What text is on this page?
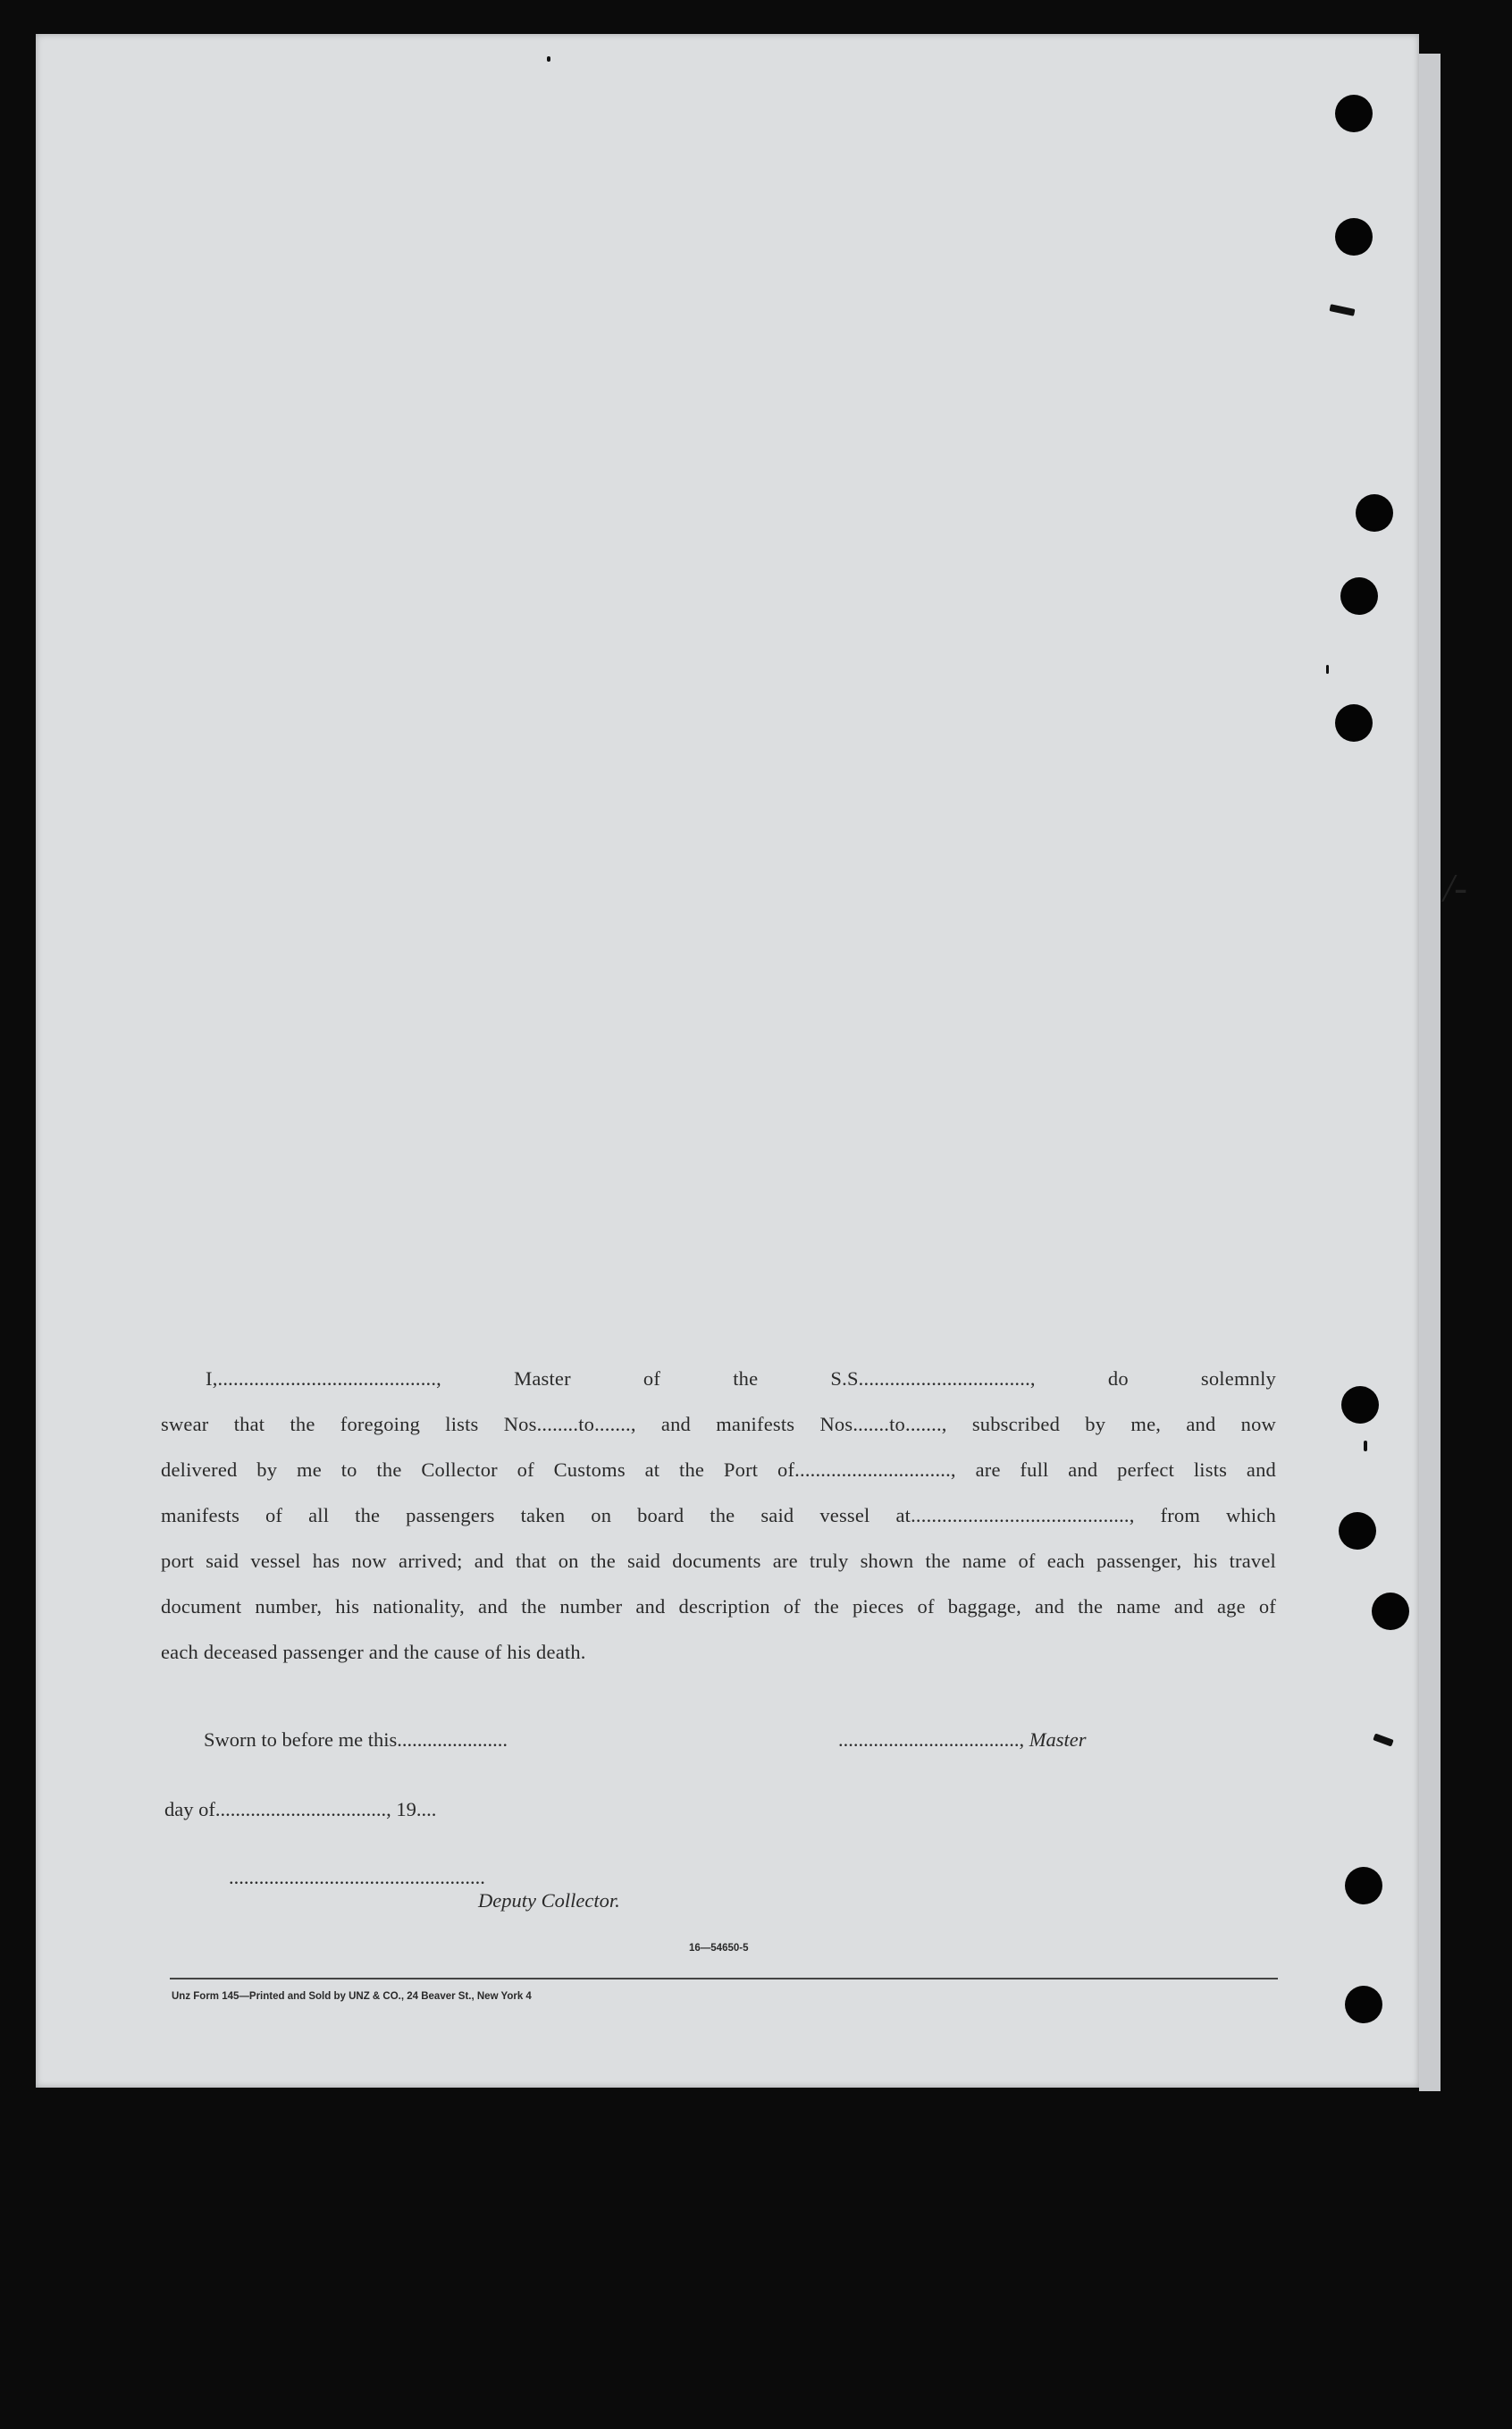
/‑
I,.........................................., Master of the S.S................................., do solemnly
swear that the foregoing lists Nos........to......., and manifests Nos.......to......., subscribed by me, and now
delivered by me to the Collector of Customs at the Port of.............................., are full and perfect lists and
manifests of all the passengers taken on board the said vessel at.........................................., from which
port said vessel has now arrived; and that on the said documents are truly shown the name of each passenger, his travel
document number, his nationality, and the number and description of the pieces of baggage, and the name and age of
each deceased passenger and the cause of his death.
Sworn to before me this......................	...................................., Master
day of.................................., 19....
...................................................
Deputy Collector.
16—54650-5
Unz Form 145—Printed and Sold by UNZ & CO., 24 Beaver St., New York 4
